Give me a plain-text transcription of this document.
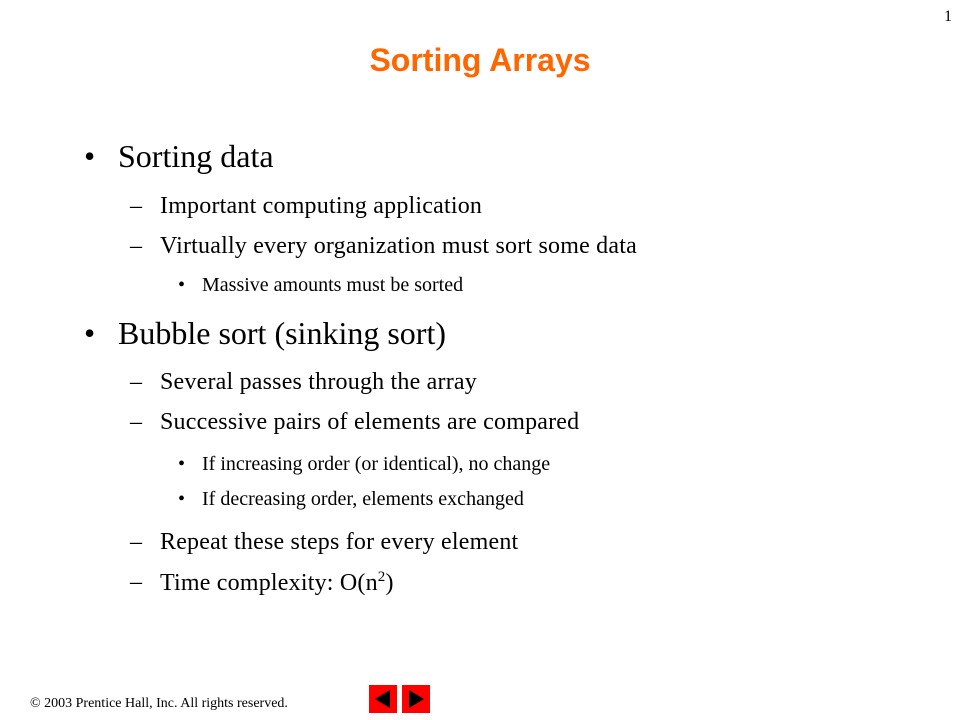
1
Sorting Arrays
• Sorting data
– Important computing application
– Virtually every organization must sort some data
• Massive amounts must be sorted
• Bubble sort (sinking sort)
– Several passes through the array
– Successive pairs of elements are compared
• If increasing order (or identical), no change
• If decreasing order, elements exchanged
– Repeat these steps for every element
– Time complexity: $O(n^2)$
© 2003 Prentice Hall, Inc. All rights reserved.
